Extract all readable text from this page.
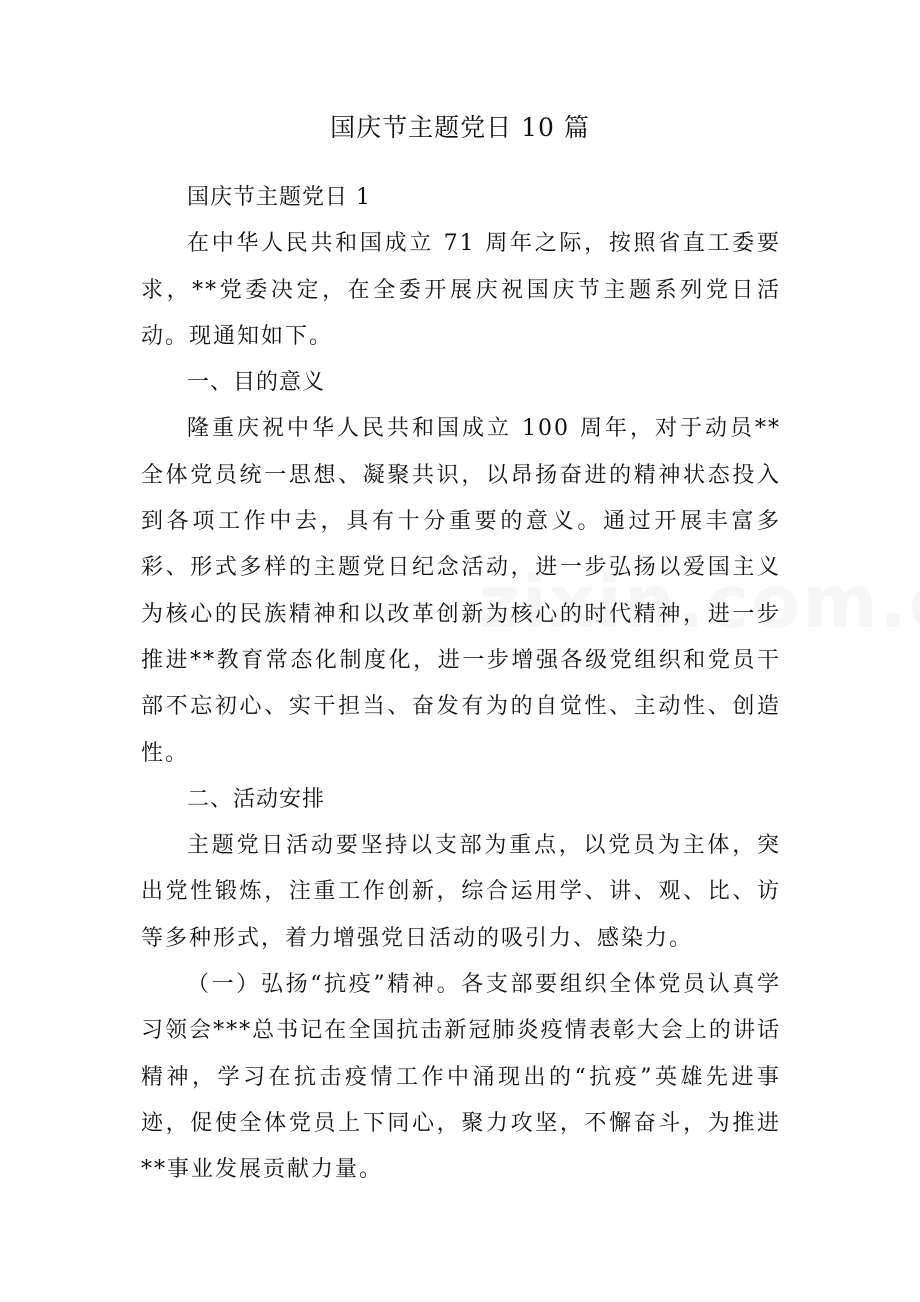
国庆节主题党日 10 篇

国庆节主题党日 1

在中华人民共和国成立 71 周年之际，按照省直工委要求，**党委决定，在全委开展庆祝国庆节主题系列党日活动。现通知如下。

一、目的意义

隆重庆祝中华人民共和国成立 100 周年，对于动员**全体党员统一思想、凝聚共识，以昂扬奋进的精神状态投入到各项工作中去，具有十分重要的意义。通过开展丰富多彩、形式多样的主题党日纪念活动，进一步弘扬以爱国主义为核心的民族精神和以改革创新为核心的时代精神，进一步推进**教育常态化制度化，进一步增强各级党组织和党员干部不忘初心、实干担当、奋发有为的自觉性、主动性、创造性。

二、活动安排

主题党日活动要坚持以支部为重点，以党员为主体，突出党性锻炼，注重工作创新，综合运用学、讲、观、比、访等多种形式，着力增强党日活动的吸引力、感染力。

（一）弘扬“抗疫”精神。各支部要组织全体党员认真学习领会***总书记在全国抗击新冠肺炎疫情表彰大会上的讲话精神，学习在抗击疫情工作中涌现出的“抗疫”英雄先进事迹，促使全体党员上下同心，聚力攻坚，不懈奋斗，为推进**事业发展贡献力量。
